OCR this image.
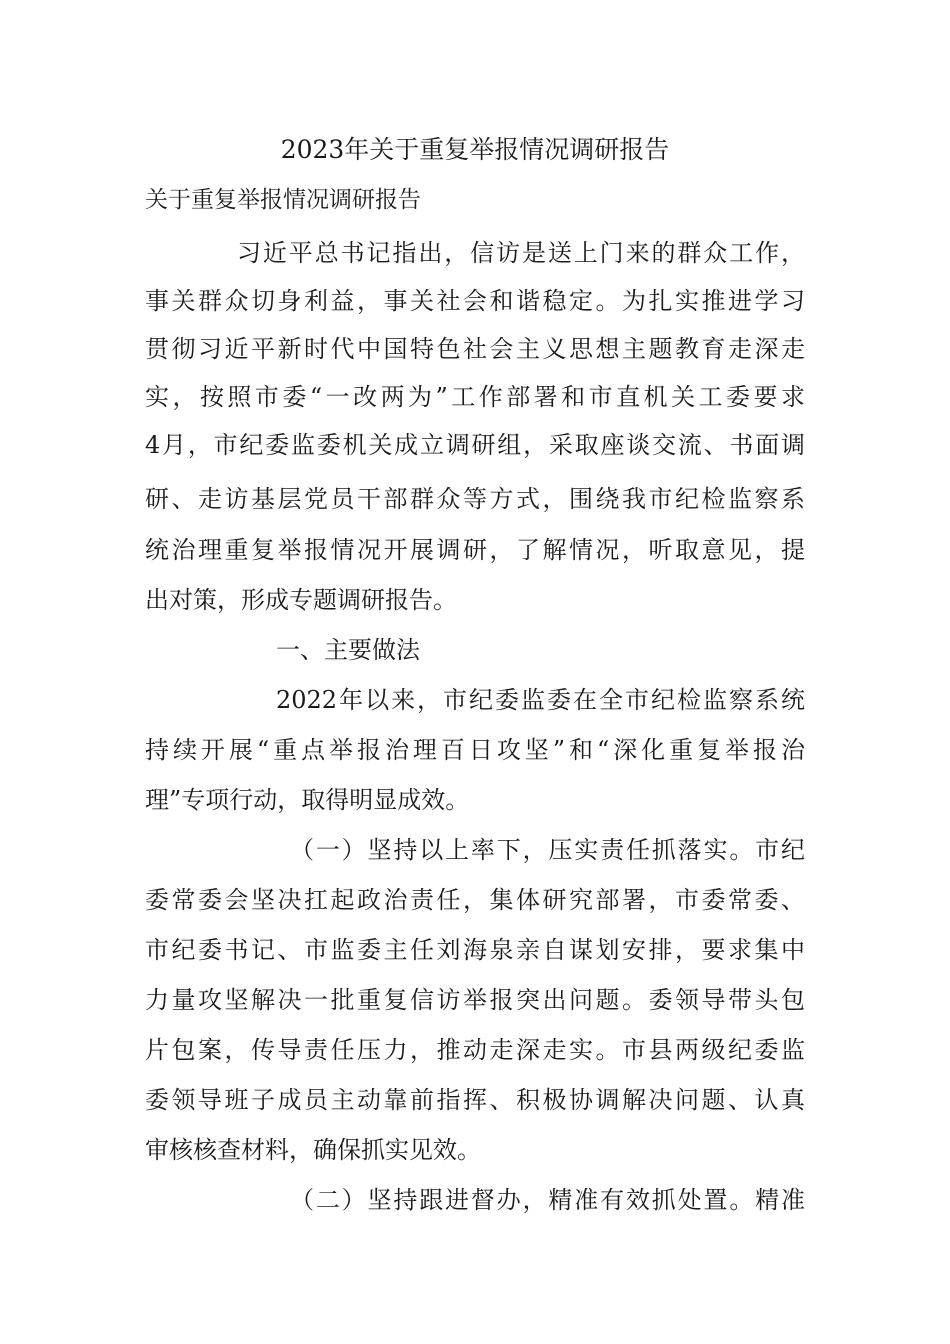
2023年关于重复举报情况调研报告
关于重复举报情况调研报告
习近平总书记指出，信访是送上门来的群众工作，
事关群众切身利益，事关社会和谐稳定。为扎实推进学习
贯彻习近平新时代中国特色社会主义思想主题教育走深走
实，按照市委“一改两为”工作部署和市直机关工委要求
4月，市纪委监委机关成立调研组，采取座谈交流、书面调
研、走访基层党员干部群众等方式，围绕我市纪检监察系
统治理重复举报情况开展调研，了解情况，听取意见，提
出对策，形成专题调研报告。
一、主要做法
2022年以来，市纪委监委在全市纪检监察系统
持续开展“重点举报治理百日攻坚”和“深化重复举报治
理”专项行动，取得明显成效。
（一）坚持以上率下，压实责任抓落实。市纪
委常委会坚决扛起政治责任，集体研究部署，市委常委、
市纪委书记、市监委主任刘海泉亲自谋划安排，要求集中
力量攻坚解决一批重复信访举报突出问题。委领导带头包
片包案，传导责任压力，推动走深走实。市县两级纪委监
委领导班子成员主动靠前指挥、积极协调解决问题、认真
审核核查材料，确保抓实见效。
（二）坚持跟进督办，精准有效抓处置。精准
